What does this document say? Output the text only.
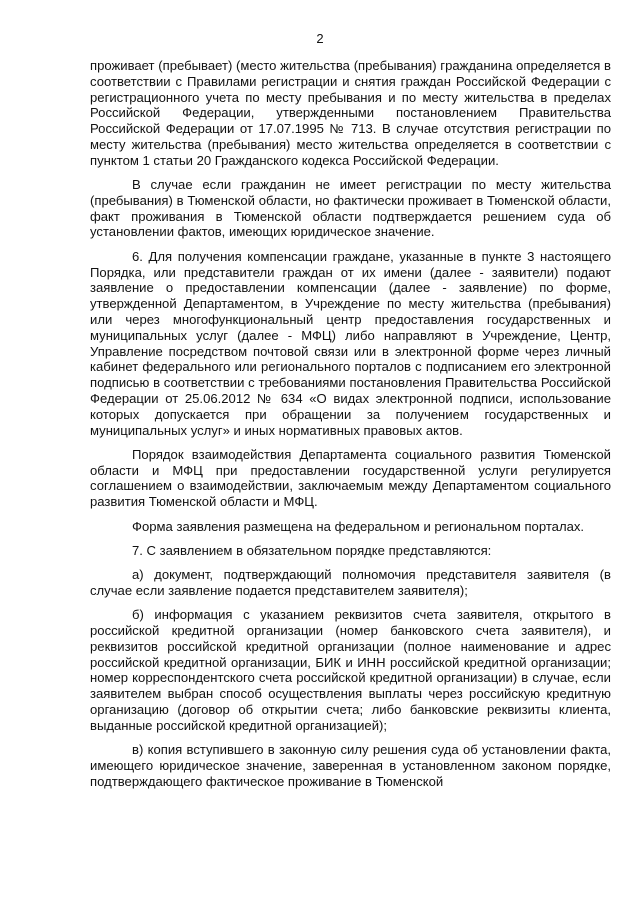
2

проживает (пребывает) (место жительства (пребывания) гражданина определяется в соответствии с Правилами регистрации и снятия граждан Российской Федерации с регистрационного учета по месту пребывания и по месту жительства в пределах Российской Федерации, утвержденными постановлением Правительства Российской Федерации от 17.07.1995 № 713. В случае отсутствия регистрации по месту жительства (пребывания) место жительства определяется в соответствии с пунктом 1 статьи 20 Гражданского кодекса Российской Федерации.

В случае если гражданин не имеет регистрации по месту жительства (пребывания) в Тюменской области, но фактически проживает в Тюменской области, факт проживания в Тюменской области подтверждается решением суда об установлении фактов, имеющих юридическое значение.

6. Для получения компенсации граждане, указанные в пункте 3 настоящего Порядка, или представители граждан от их имени (далее - заявители) подают заявление о предоставлении компенсации (далее - заявление) по форме, утвержденной Департаментом, в Учреждение по месту жительства (пребывания) или через многофункциональный центр предоставления государственных и муниципальных услуг (далее - МФЦ) либо направляют в Учреждение, Центр, Управление посредством почтовой связи или в электронной форме через личный кабинет федерального или регионального порталов с подписанием его электронной подписью в соответствии с требованиями постановления Правительства Российской Федерации от 25.06.2012 № 634 «О видах электронной подписи, использование которых допускается при обращении за получением государственных и муниципальных услуг» и иных нормативных правовых актов.

Порядок взаимодействия Департамента социального развития Тюменской области и МФЦ при предоставлении государственной услуги регулируется соглашением о взаимодействии, заключаемым между Департаментом социального развития Тюменской области и МФЦ.

Форма заявления размещена на федеральном и региональном порталах.

7. С заявлением в обязательном порядке представляются:

а) документ, подтверждающий полномочия представителя заявителя (в случае если заявление подается представителем заявителя);

б) информация с указанием реквизитов счета заявителя, открытого в российской кредитной организации (номер банковского счета заявителя), и реквизитов российской кредитной организации (полное наименование и адрес российской кредитной организации, БИК и ИНН российской кредитной организации; номер корреспондентского счета российской кредитной организации) в случае, если заявителем выбран способ осуществления выплаты через российскую кредитную организацию (договор об открытии счета; либо банковские реквизиты клиента, выданные российской кредитной организацией);

в) копия вступившего в законную силу решения суда об установлении факта, имеющего юридическое значение, заверенная в установленном законом порядке, подтверждающего фактическое проживание в Тюменской
